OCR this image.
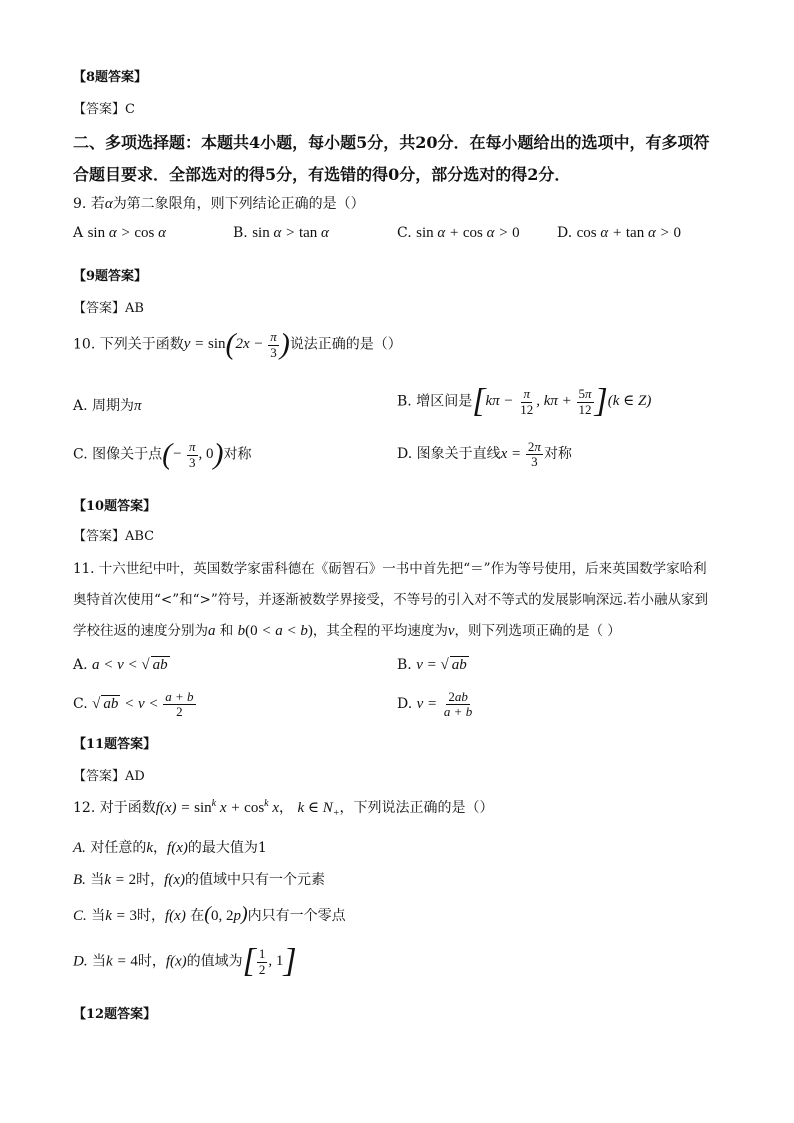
【8题答案】
【答案】C
二、多项选择题：本题共4小题，每小题5分，共20分．在每小题给出的选项中，有多项符
合题目要求．全部选对的得5分，有选错的得0分，部分选对的得2分．
9. 若α为第二象限角，则下列结论正确的是（）
A sin α > cos α	B. sin α > tan α	C. sin α + cos α > 0	D. cos α + tan α > 0
【9题答案】
【答案】AB
10. 下列关于函数$y = \sin(2x - \frac{\pi}{3}$ )说法正确的是（）
A. 周期为π	B. 增区间是[$k\pi - \frac{\pi}{12}$ , $k\pi + \frac{5\pi}{12} ](k$ ∈ Z)
C. 图像关于点(− $\frac{\pi}{3}$ , 0)对称	D. 图象关于直线$x = \frac{2\pi}{3}$ 对称
【10题答案】
【答案】ABC
11. 十六世纪中叶，英国数学家雷科德在《砺智石》一书中首先把“＝”作为等号使用，后来英国数学家哈利
奥特首次使用“<”和“>”符号，并逐渐被数学界接受，不等号的引入对不等式的发展影响深远.若小融从家到
学校往返的速度分别为a 和 b(0 < a < b)，其全程的平均速度为v，则下列选项正确的是（ ）
A. a < v < √ ab	B. v = √ ab
C. √ ab < $v < \frac{a + b}{2}$	D. $v = \frac{2ab}{a + b}$
【11题答案】
【答案】AD
12. 对于函数$f(x) = \sin^k x + \cos^k x$， k ∈ $N_+$，下列说法正确的是（）
A. 对任意的k，f(x)的最大值为1
B. 当k = 2时，f(x)的值域中只有一个元素
C. 当k = 3时，f(x) 在(0, 2p)内只有一个零点
D. 当k = 4时，f(x)的值域为[ $\frac{1}{2}$ , 1]
【12题答案】
